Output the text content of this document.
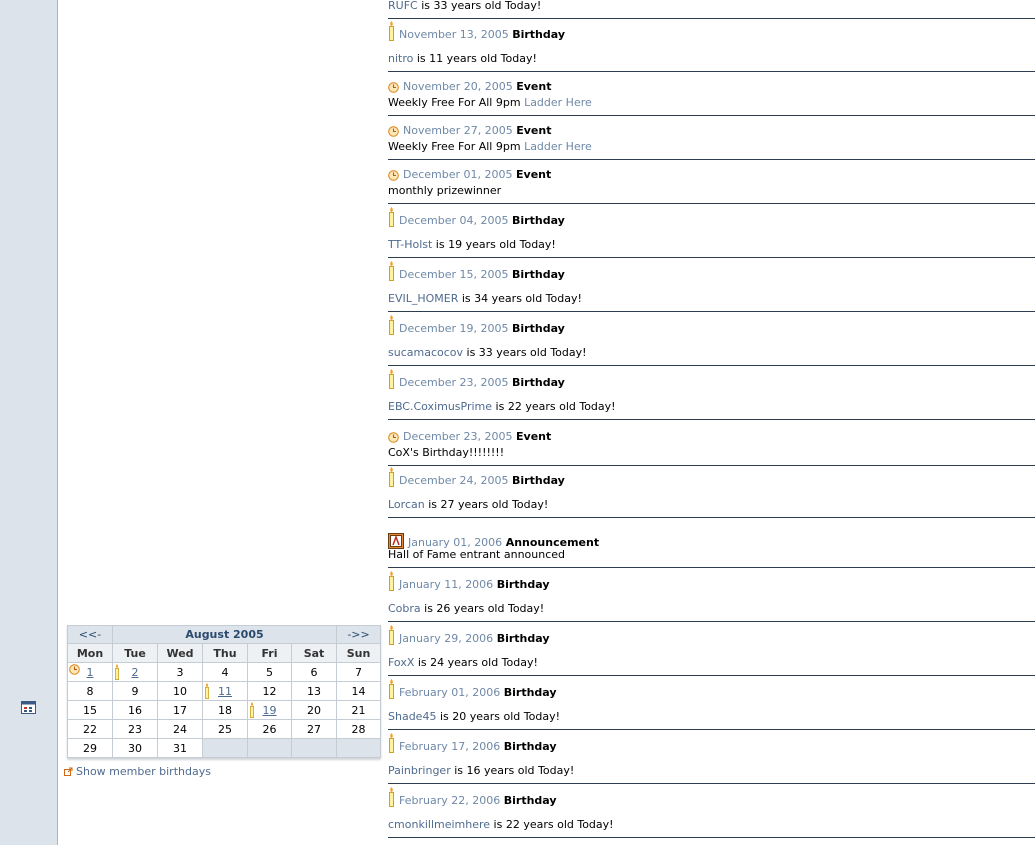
RUFC is 33 years old Today!
November 13, 2005 Birthday
nitro is 11 years old Today!
November 20, 2005 Event
Weekly Free For All 9pm Ladder Here
November 27, 2005 Event
Weekly Free For All 9pm Ladder Here
December 01, 2005 Event
monthly prizewinner
December 04, 2005 Birthday
TT-Holst is 19 years old Today!
December 15, 2005 Birthday
EVIL_HOMER is 34 years old Today!
December 19, 2005 Birthday
sucamacocov is 33 years old Today!
December 23, 2005 Birthday
EBC.CoximusPrime is 22 years old Today!
December 23, 2005 Event
CoX's Birthday!!!!!!!!
December 24, 2005 Birthday
Lorcan is 27 years old Today!
January 01, 2006 Announcement
Hall of Fame entrant announced
January 11, 2006 Birthday
Cobra is 26 years old Today!
January 29, 2006 Birthday
FoxX is 24 years old Today!
February 01, 2006 Birthday
Shade45 is 20 years old Today!
February 17, 2006 Birthday
Painbringer is 16 years old Today!
February 22, 2006 Birthday
cmonkillmeimhere is 22 years old Today!
<<-	August 2005					->>
Mon	Tue	Wed	Thu	Fri	Sat	Sun

1	2	3	4	5	6	7
8	9	10	11	12	13	14
15	16	17	18	19	20	21
22	23	24	25	26	27	28
29	30	31				
Show member birthdays
